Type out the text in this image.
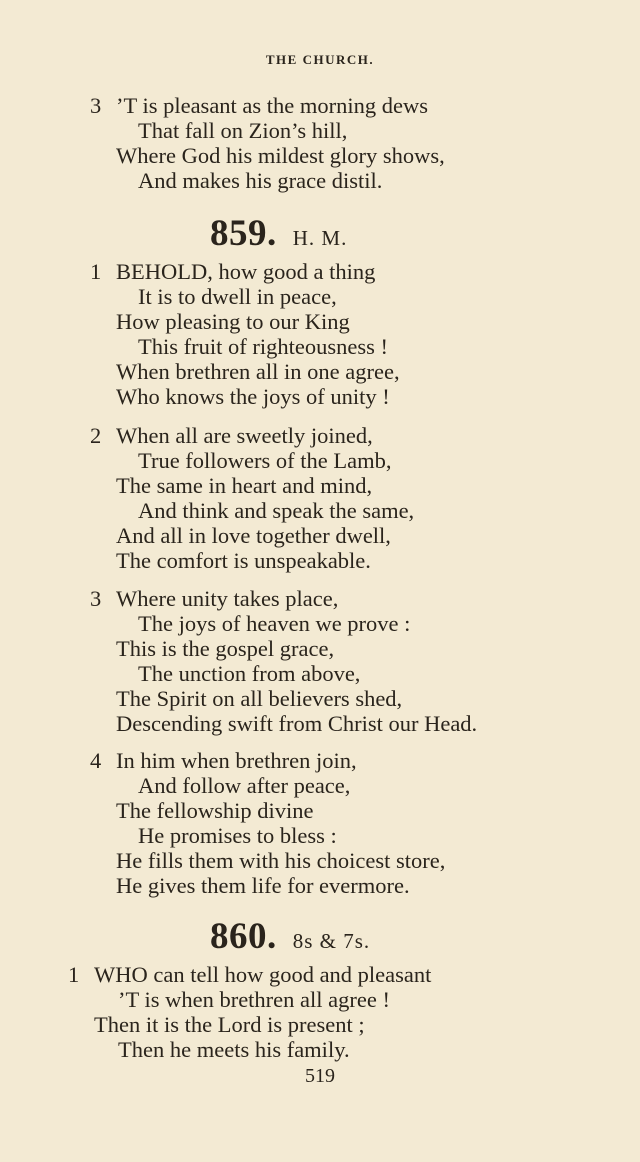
THE CHURCH.
3 ’T is pleasant as the morning dews
That fall on Zion’s hill,
Where God his mildest glory shows,
And makes his grace distil.
859. H. M.
1 BEHOLD, how good a thing
It is to dwell in peace,
How pleasing to our King
This fruit of righteousness !
When brethren all in one agree,
Who knows the joys of unity !
2 When all are sweetly joined,
True followers of the Lamb,
The same in heart and mind,
And think and speak the same,
And all in love together dwell,
The comfort is unspeakable.
3 Where unity takes place,
The joys of heaven we prove :
This is the gospel grace,
The unction from above,
The Spirit on all believers shed,
Descending swift from Christ our Head.
4 In him when brethren join,
And follow after peace,
The fellowship divine
He promises to bless :
He fills them with his choicest store,
He gives them life for evermore.
860. 8s & 7s.
1 WHO can tell how good and pleasant
’T is when brethren all agree !
Then it is the Lord is present ;
Then he meets his family.
519
